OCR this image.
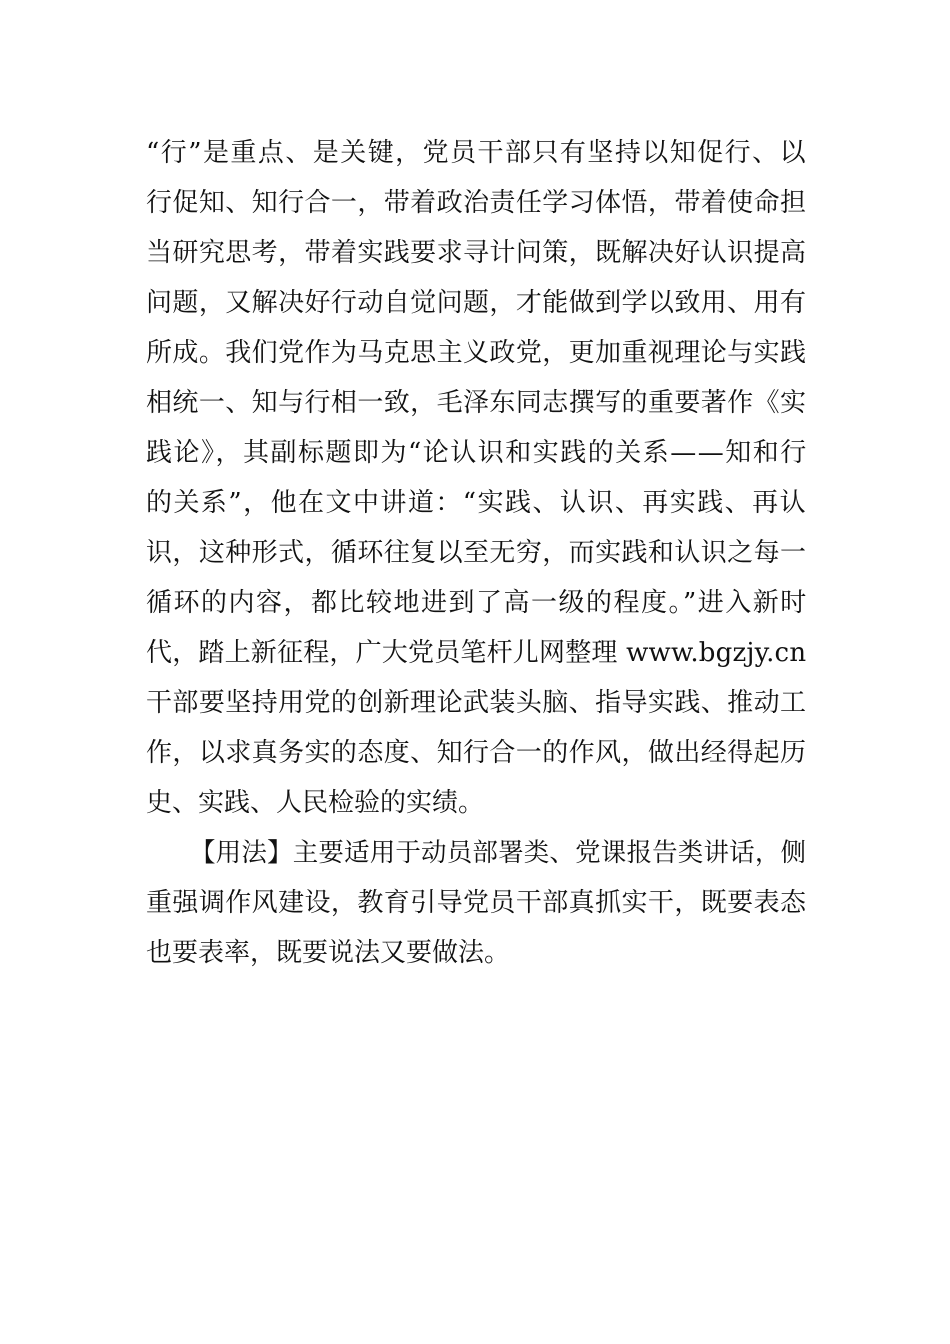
“行”是重点、是关键，党员干部只有坚持以知促行、以
行促知、知行合一，带着政治责任学习体悟，带着使命担
当研究思考，带着实践要求寻计问策，既解决好认识提高
问题，又解决好行动自觉问题，才能做到学以致用、用有
所成。我们党作为马克思主义政党，更加重视理论与实践
相统一、知与行相一致，毛泽东同志撰写的重要著作《实
践论》，其副标题即为“论认识和实践的关系——知和行
的关系”，他在文中讲道：“实践、认识、再实践、再认
识，这种形式，循环往复以至无穷，而实践和认识之每一
循环的内容，都比较地进到了高一级的程度。”进入新时
代，踏上新征程，广大党员笔杆儿网整理 www.bgzjy.cn
干部要坚持用党的创新理论武装头脑、指导实践、推动工
作，以求真务实的态度、知行合一的作风，做出经得起历
史、实践、人民检验的实绩。
【用法】主要适用于动员部署类、党课报告类讲话，侧
重强调作风建设，教育引导党员干部真抓实干，既要表态
也要表率，既要说法又要做法。
